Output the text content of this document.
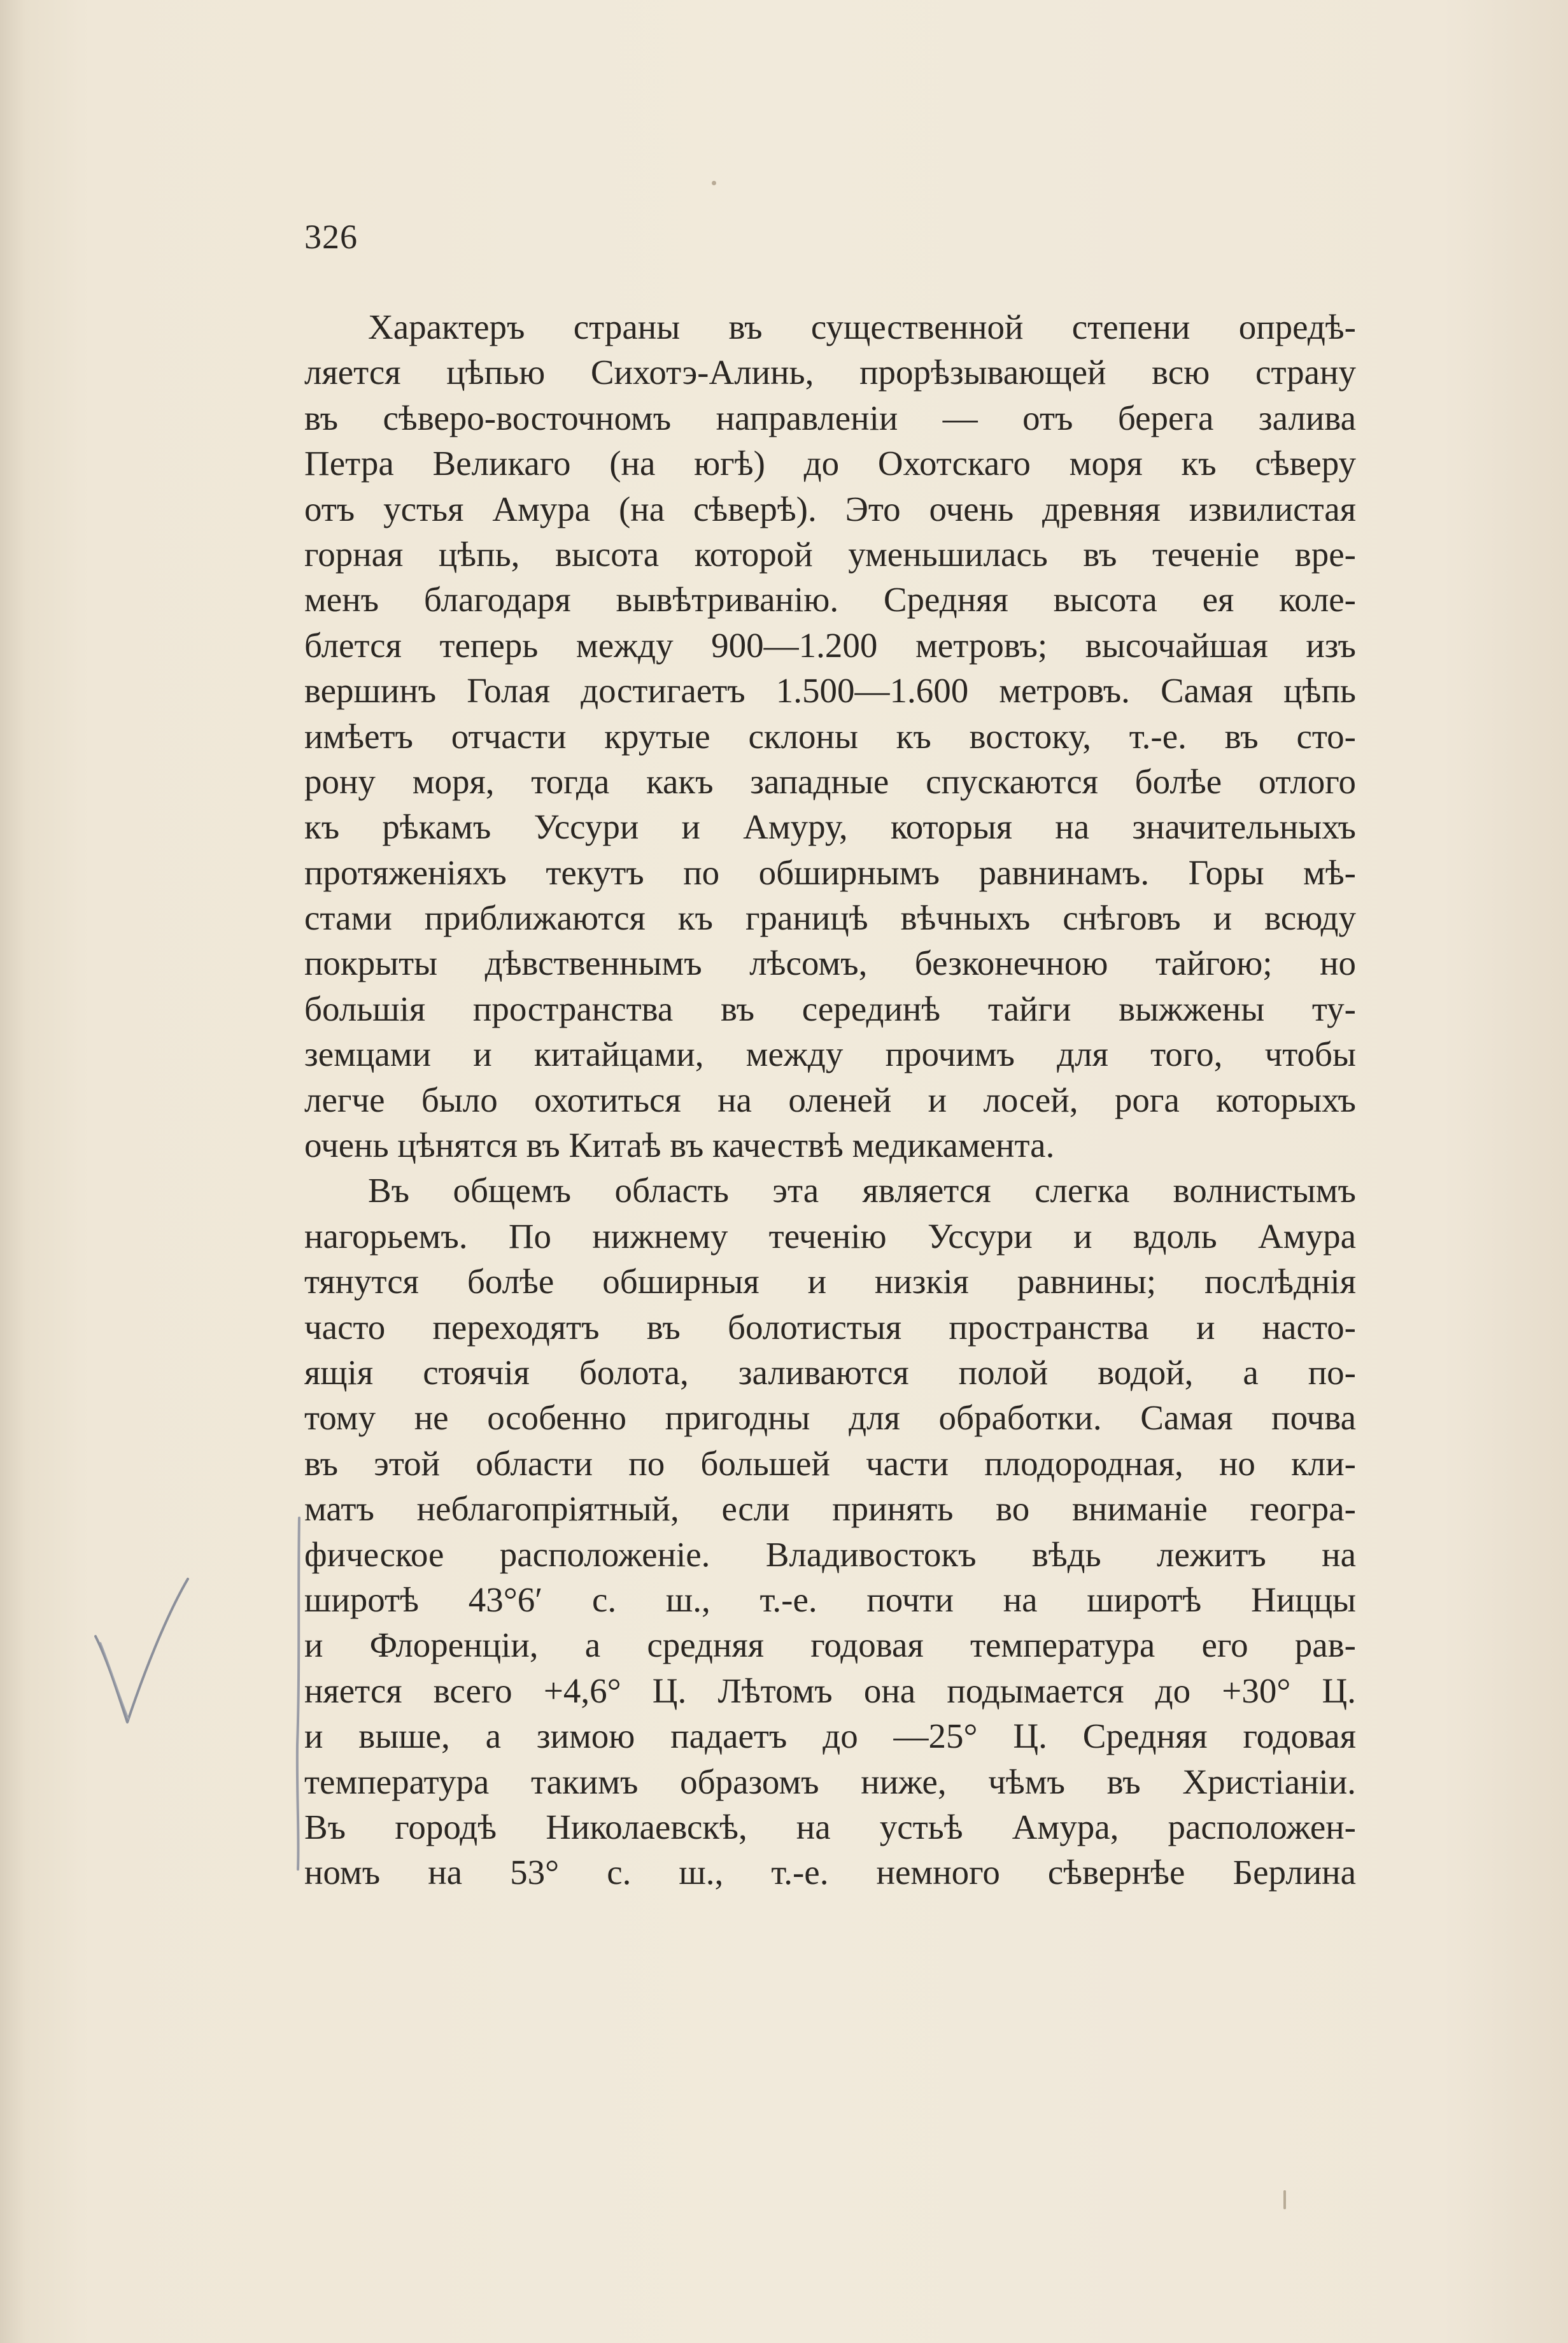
326
Характеръ страны въ существенной степени опредѣ-
ляется цѣпью Сихотэ-Алинь, прорѣзывающей всю страну
въ сѣверо-восточномъ направленіи — отъ берега залива
Петра Великаго (на югѣ) до Охотскаго моря къ сѣверу
отъ устья Амура (на сѣверѣ). Это очень древняя извилистая
горная цѣпь, высота которой уменьшилась въ теченіе вре-
менъ благодаря вывѣтриванію. Средняя высота ея коле-
блется теперь между 900—1.200 метровъ; высочайшая изъ
вершинъ Голая достигаетъ 1.500—1.600 метровъ. Самая цѣпь
имѣетъ отчасти крутые склоны къ востоку, т.-е. въ сто-
рону моря, тогда какъ западные спускаются болѣе отлого
къ рѣкамъ Уссури и Амуру, которыя на значительныхъ
протяженіяхъ текутъ по обширнымъ равнинамъ. Горы мѣ-
стами приближаются къ границѣ вѣчныхъ снѣговъ и всюду
покрыты дѣвственнымъ лѣсомъ, безконечною тайгою; но
большія пространства въ серединѣ тайги выжжены ту-
земцами и китайцами, между прочимъ для того, чтобы
легче было охотиться на оленей и лосей, рога которыхъ
очень цѣнятся въ Китаѣ въ качествѣ медикамента.
Въ общемъ область эта является слегка волнистымъ
нагорьемъ. По нижнему теченію Уссури и вдоль Амура
тянутся болѣе обширныя и низкія равнины; послѣднія
часто переходятъ въ болотистыя пространства и насто-
ящія стоячія болота, заливаются полой водой, а по-
тому не особенно пригодны для обработки. Самая почва
въ этой области по большей части плодородная, но кли-
матъ неблагопріятный, если принять во вниманіе геогра-
фическое расположеніе. Владивостокъ вѣдь лежитъ на
широтѣ 43°6′ с. ш., т.-е. почти на широтѣ Ниццы
и Флоренціи, а средняя годовая температура его рав-
няется всего +4,6° Ц. Лѣтомъ она подымается до +30° Ц.
и выше, а зимою падаетъ до —25° Ц. Средняя годовая
температура такимъ образомъ ниже, чѣмъ въ Христіаніи.
Въ городѣ Николаевскѣ, на устьѣ Амура, расположен-
номъ на 53° с. ш., т.-е. немного сѣвернѣе Берлина
